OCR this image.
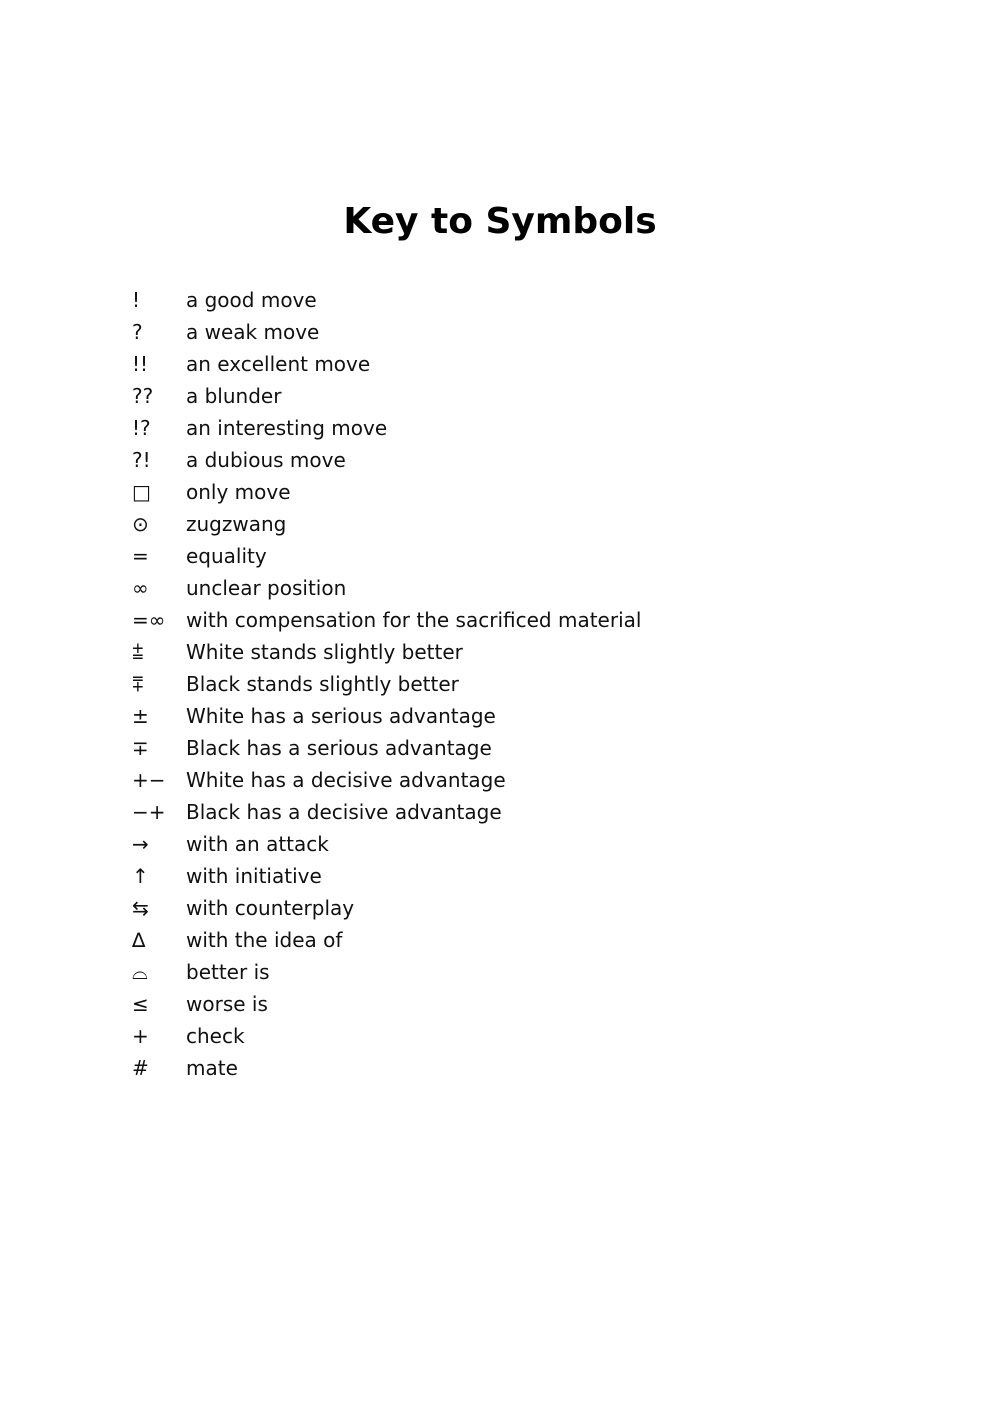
Key to Symbols
!	a good move
?	a weak move
!!	an excellent move
??	a blunder
!?	an interesting move
?!	a dubious move
□	only move
⊙	zugzwang
=	equality
∞	unclear position
=∞	with compensation for the sacrificed material
⩲	White stands slightly better
⩱	Black stands slightly better
±	White has a serious advantage
∓	Black has a serious advantage
+−	White has a decisive advantage
−+	Black has a decisive advantage
→	with an attack
↑	with initiative
⇆	with counterplay
∆	with the idea of
⌓	better is
≤	worse is
+	check
#	mate
